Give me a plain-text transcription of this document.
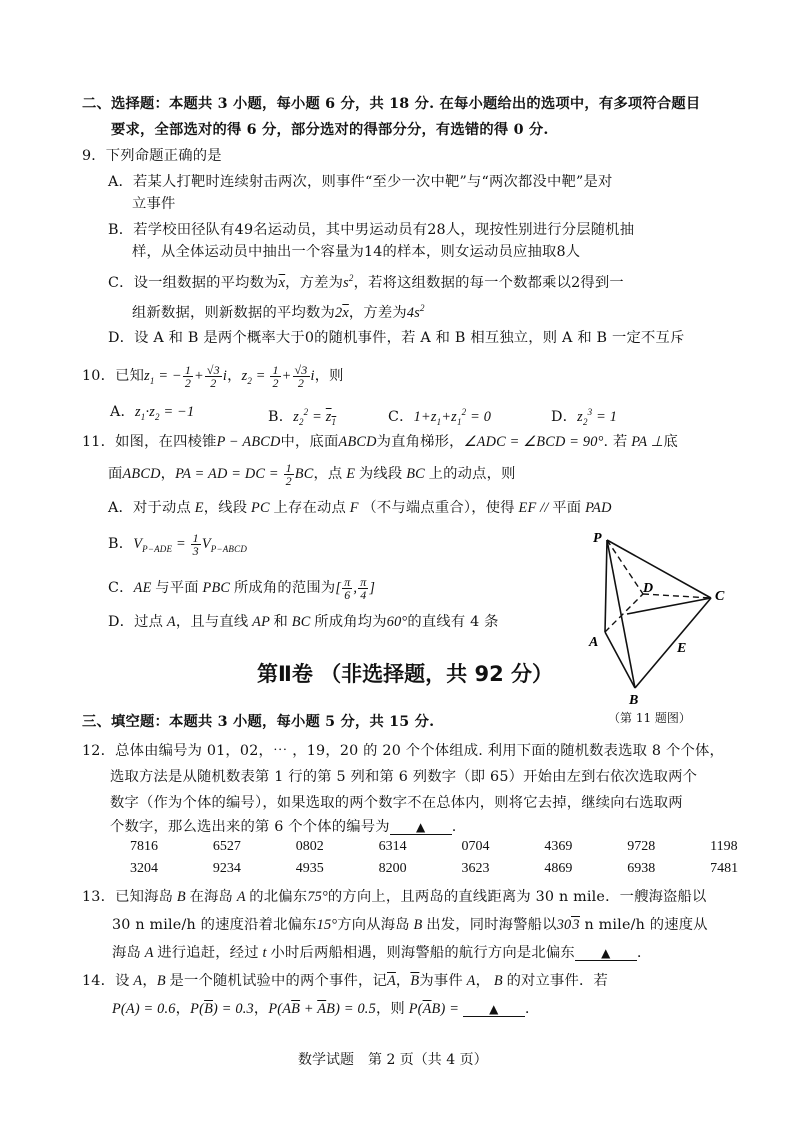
二、选择题：本题共 3 小题，每小题 6 分，共 18 分. 在每小题给出的选项中，有多项符合题目
要求，全部选对的得 6 分，部分选对的得部分分，有选错的得 0 分.
9．下列命题正确的是
A．若某人打靶时连续射击两次，则事件“至少一次中靶”与“两次都没中靶”是对
立事件
B．若学校田径队有49名运动员，其中男运动员有28人，现按性别进行分层随机抽
样，从全体运动员中抽出一个容量为14的样本，则女运动员应抽取8人
C．设一组数据的平均数为$\overline{x}$，方差为$s^2$，若将这组数据的每一个数都乘以2得到一
组新数据，则新数据的平均数为$2\overline{x}$，方差为$4s^2$
D．设 A 和 B 是两个概率大于0的随机事件，若 A 和 B 相互独立，则 A 和 B 一定不互斥
10．已知$z_1$ = − $\frac{1}{2} + \frac{√3}{2}$ i，$z_2 = \frac{1}{2} + \frac{√3}{2}$ i，则
A．$z_1\cdot z_2 = -1$	B．$z_2^2 = z_1$	C．$1+z_1+z_1^2 = 0$	D．$z_2^3 = 1$
11．如图，在四棱锥P − ABCD中，底面ABCD为直角梯形，∠ADC = ∠BCD = 90°. 若 PA ⊥底
面ABCD，PA = AD = DC = $\frac{1}{2}$ BC，点 E 为线段 BC 上的动点，则
A．对于动点 E，线段 PC 上存在动点 F （不与端点重合），使得 EF // 平面 PAD
B．$V_{P-ADE} = \frac{1}{3} V_{P-ABCD}$
C．AE 与平面 PBC 所成角的范围为[ $\frac{\pi}{6}$ , $\frac{\pi}{4}$ ]
D．过点 A，且与直线 AP 和 BC 所成角均为60°的直线有 4 条
P
D
C
A	E
B
（第 11 题图）
第Ⅱ卷 （非选择题，共 92 分）
三、填空题：本题共 3 小题，每小题 5 分，共 15 分.
12．总体由编号为 01，02，⋯ ，19，20 的 20 个个体组成. 利用下面的随机数表选取 8 个个体，
选取方法是从随机数表第 1 行的第 5 列和第 6 列数字（即 65）开始由左到右依次选取两个
数字（作为个体的编号），如果选取的两个数字不在总体内，则将它去掉，继续向右选取两
个数字，那么选出来的第 6 个个体的编号为 ▲ .
7816	6527	0802	6314	0704	4369	9728	1198
3204	9234	4935	8200	3623	4869	6938	7481
13．已知海岛 B 在海岛 A 的北偏东75°的方向上，且两岛的直线距离为 30 n mile．一艘海盗船以
30 n mile/h 的速度沿着北偏东15°方向从海岛 B 出发，同时海警船以303 n mile/h 的速度从
海岛 A 进行追赶，经过 t 小时后两船相遇，则海警船的航行方向是北偏东 ▲ .
14．设 A，B 是一个随机试验中的两个事件，记$\overline{A}$，$\overline{B}$为事件 A， B 的对立事件．若
P(A) = 0.6，$P(\overline{B}) = 0.3$，$P(A\overline{B} + \overline{A}B) = 0.5$，则 $P(\overline{A}B)$ = ▲ .
数学试题　第 2 页（共 4 页）
